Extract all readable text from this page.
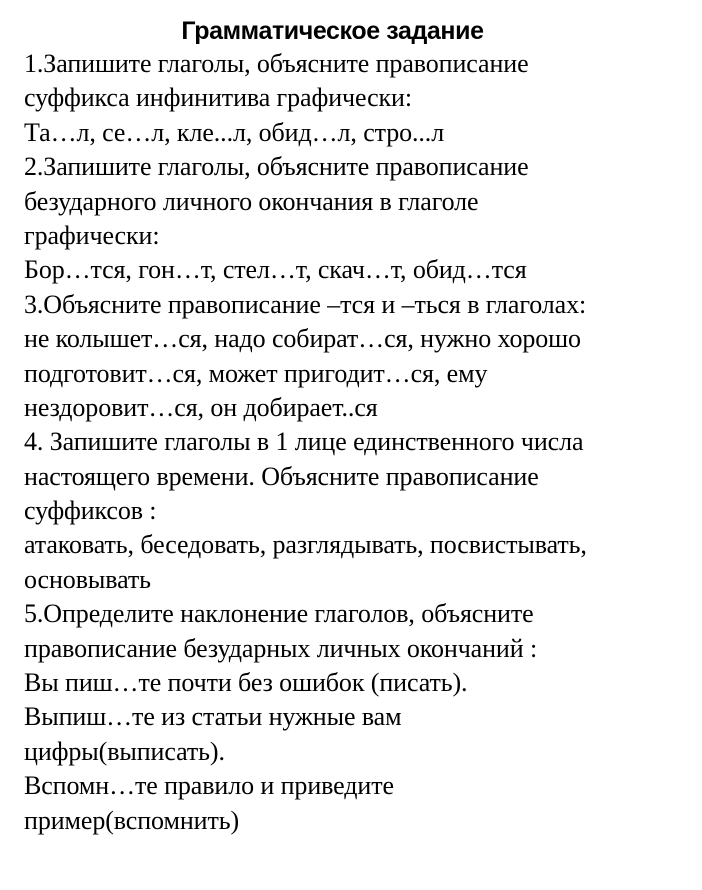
Грамматическое задание
1.Запишите глаголы, объясните правописание
суффикса инфинитива графически:
Та…л, се…л, кле...л, обид…л, стро...л
2.Запишите глаголы, объясните правописание
безударного личного окончания в глаголе
графически:
Бор…тся, гон…т, стел…т, скач…т, обид…тся
3.Объясните правописание –тся и –ться в глаголах:
не колышет…ся, надо собират…ся, нужно хорошо
подготовит…ся, может пригодит…ся, ему
нездоровит…ся, он добирает..ся
4. Запишите глаголы в 1 лице единственного числа
настоящего времени. Объясните правописание
суффиксов :
атаковать, беседовать, разглядывать, посвистывать,
основывать
5.Определите наклонение глаголов, объясните
правописание безударных личных окончаний :
Вы пиш…те почти без ошибок (писать).
Выпиш…те из статьи нужные вам
цифры(выписать).
Вспомн…те правило и приведите
пример(вспомнить)
